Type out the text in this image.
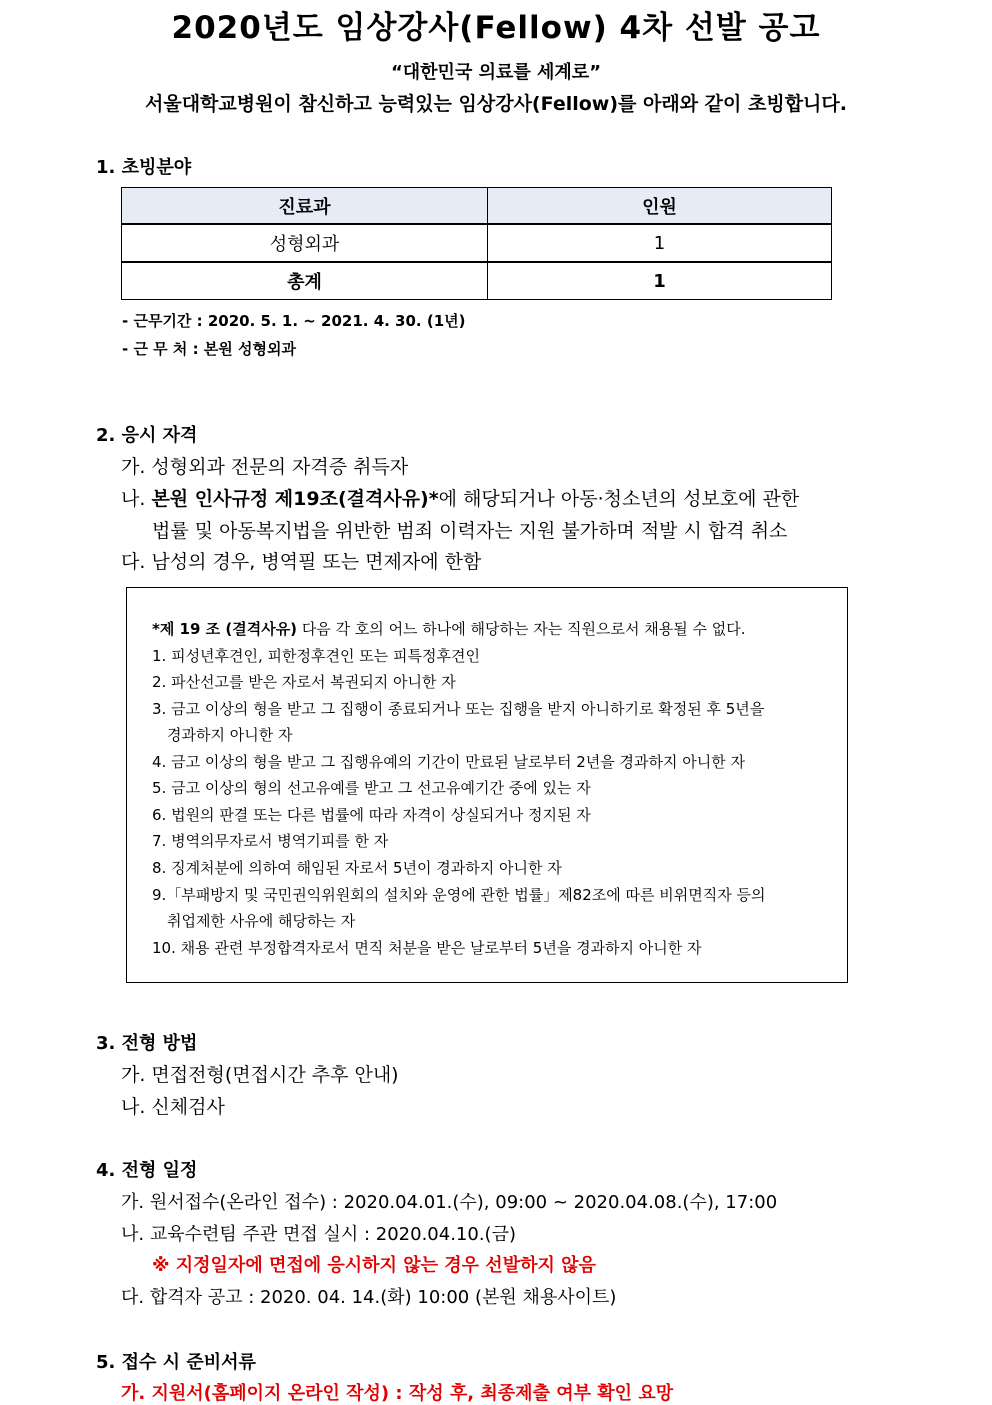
2020년도 임상강사(Fellow) 4차 선발 공고
“대한민국 의료를 세계로”
서울대학교병원이 참신하고 능력있는 임상강사(Fellow)를 아래와 같이 초빙합니다.
1. 초빙분야
진료과	인원
성형외과	1
총계	1
- 근무기간 : 2020. 5. 1. ~ 2021. 4. 30. (1년)
- 근 무 처 : 본원 성형외과
2. 응시 자격
가. 성형외과 전문의 자격증 취득자
나. 본원 인사규정 제19조(결격사유)*에 해당되거나 아동·청소년의 성보호에 관한
법률 및 아동복지법을 위반한 범죄 이력자는 지원 불가하며 적발 시 합격 취소
다. 남성의 경우, 병역필 또는 면제자에 한함
*제 19 조 (결격사유) 다음 각 호의 어느 하나에 해당하는 자는 직원으로서 채용될 수 없다.
1. 피성년후견인, 피한정후견인 또는 피특정후견인
2. 파산선고를 받은 자로서 복권되지 아니한 자
3. 금고 이상의 형을 받고 그 집행이 종료되거나 또는 집행을 받지 아니하기로 확정된 후 5년을
경과하지 아니한 자
4. 금고 이상의 형을 받고 그 집행유예의 기간이 만료된 날로부터 2년을 경과하지 아니한 자
5. 금고 이상의 형의 선고유예를 받고 그 선고유예기간 중에 있는 자
6. 법원의 판결 또는 다른 법률에 따라 자격이 상실되거나 정지된 자
7. 병역의무자로서 병역기피를 한 자
8. 징계처분에 의하여 해임된 자로서 5년이 경과하지 아니한 자
9.「부패방지 및 국민권익위원회의 설치와 운영에 관한 법률」제82조에 따른 비위면직자 등의
취업제한 사유에 해당하는 자
10. 채용 관련 부정합격자로서 면직 처분을 받은 날로부터 5년을 경과하지 아니한 자
3. 전형 방법
가. 면접전형(면접시간 추후 안내)
나. 신체검사
4. 전형 일정
가. 원서접수(온라인 접수) : 2020.04.01.(수), 09:00 ~ 2020.04.08.(수), 17:00
나. 교육수련팀 주관 면접 실시 : 2020.04.10.(금)
※ 지정일자에 면접에 응시하지 않는 경우 선발하지 않음
다. 합격자 공고 : 2020. 04. 14.(화) 10:00 (본원 채용사이트)
5. 접수 시 준비서류
가. 지원서(홈페이지 온라인 작성) : 작성 후, 최종제출 여부 확인 요망
